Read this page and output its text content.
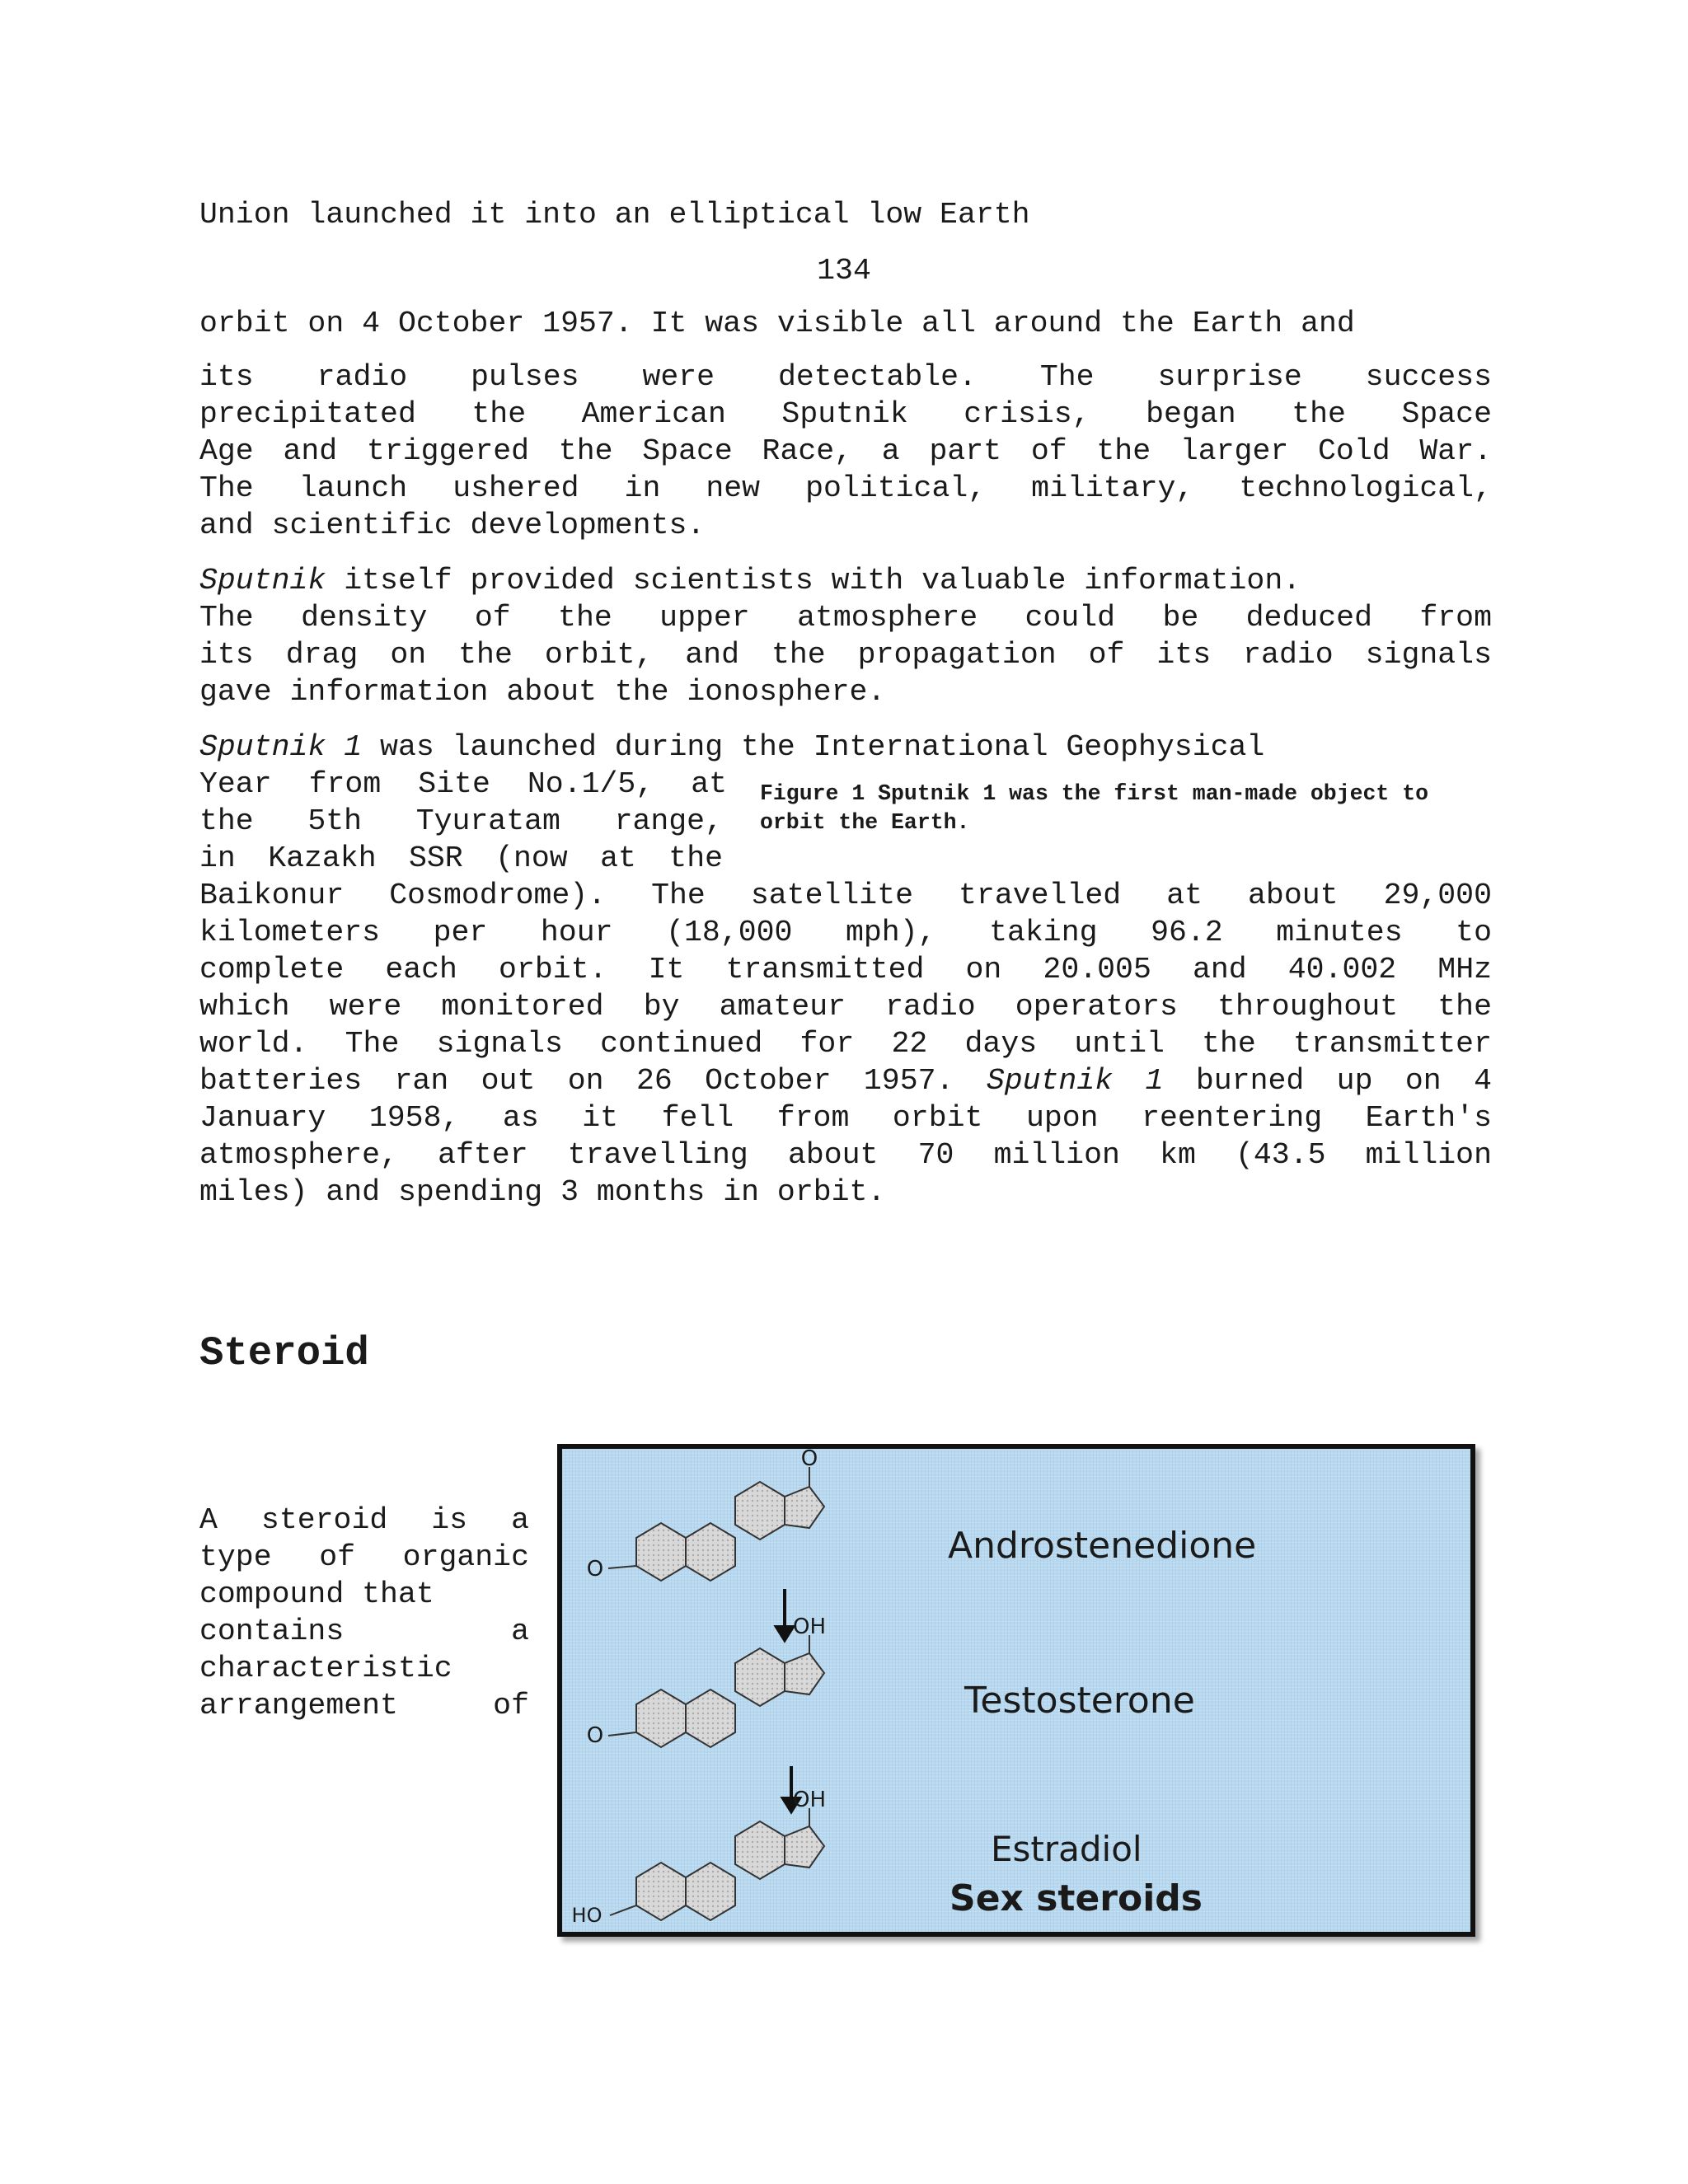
Union launched it into an elliptical low Earth
134
orbit on 4 October 1957. It was visible all around the Earth and
its radio pulses were detectable. The surprise success
precipitated the American Sputnik crisis, began the Space
Age and triggered the Space Race, a part of the larger Cold War.
The launch ushered in new political, military, technological,
and scientific developments.
Sputnik itself provided scientists with valuable information.
The density of the upper atmosphere could be deduced from
its drag on the orbit, and the propagation of its radio signals
gave information about the ionosphere.
Sputnik 1 was launched during the International Geophysical
Year from Site No.1/5, at
the 5th Tyuratam range,
in Kazakh SSR (now at the
Figure 1 Sputnik 1 was the first man-made object to orbit the Earth.
Baikonur Cosmodrome). The satellite travelled at about 29,000
kilometers per hour (18,000 mph), taking 96.2 minutes to
complete each orbit. It transmitted on 20.005 and 40.002 MHz
which were monitored by amateur radio operators throughout the
world. The signals continued for 22 days until the transmitter
batteries ran out on 26 October 1957. Sputnik 1 burned up on 4
January 1958, as it fell from orbit upon reentering Earth's
atmosphere, after travelling about 70 million km (43.5 million
miles) and spending 3 months in orbit.
Steroid
A steroid is a
type of organic
compound that
contains a
characteristic
arrangement of
O
O
OH
O
OH
HO
Androstenedione
Testosterone
Estradiol
Sex steroids
